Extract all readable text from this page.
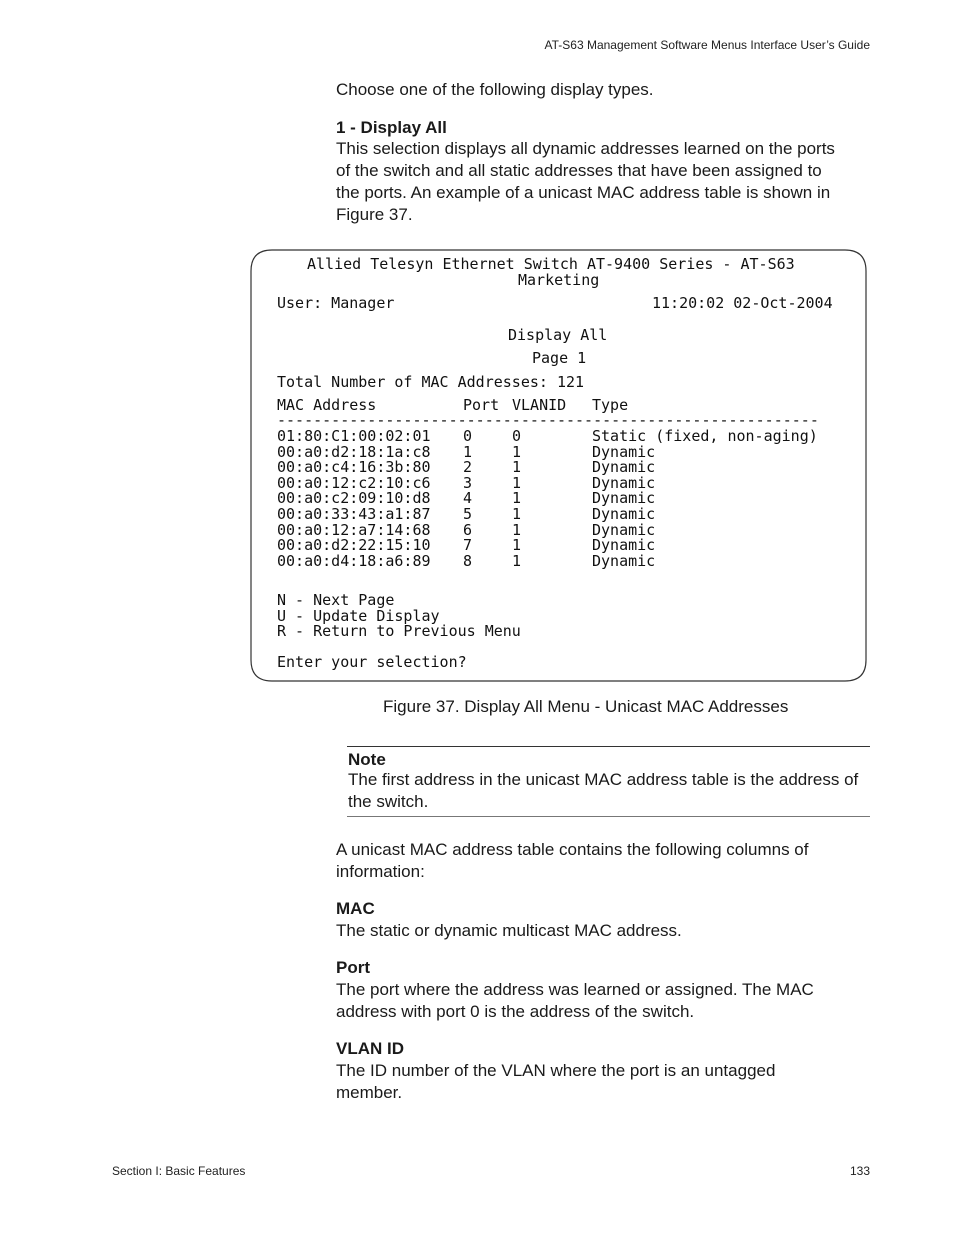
AT-S63 Management Software Menus Interface User’s Guide
Choose one of the following display types.
1 - Display All
This selection displays all dynamic addresses learned on the ports
of the switch and all static addresses that have been assigned to
the ports. An example of a unicast MAC address table is shown in
Figure 37.
Allied Telesyn Ethernet Switch AT-9400 Series - AT-S63
Marketing
User: Manager	11:20:02 02-Oct-2004
Display All
Page 1
Total Number of MAC Addresses: 121
MAC Address	Port VLANID Type
------------------------------------------------------------
01:80:C1:00:02:01 0	0	Static (fixed, non-aging)
00:a0:d2:18:1a:c8 1	1	Dynamic
00:a0:c4:16:3b:80 2	1	Dynamic
00:a0:12:c2:10:c6 3	1	Dynamic
00:a0:c2:09:10:d8 4	1	Dynamic
00:a0:33:43:a1:87 5	1	Dynamic
00:a0:12:a7:14:68 6	1	Dynamic
00:a0:d2:22:15:10 7	1	Dynamic
00:a0:d4:18:a6:89 8	1	Dynamic
N - Next Page
U - Update Display
R - Return to Previous Menu
Enter your selection?
Figure 37. Display All Menu - Unicast MAC Addresses
Note
The first address in the unicast MAC address table is the address of
the switch.
A unicast MAC address table contains the following columns of
information:
MAC
The static or dynamic multicast MAC address.
Port
The port where the address was learned or assigned. The MAC
address with port 0 is the address of the switch.
VLAN ID
The ID number of the VLAN where the port is an untagged
member.
Section I: Basic Features	133
